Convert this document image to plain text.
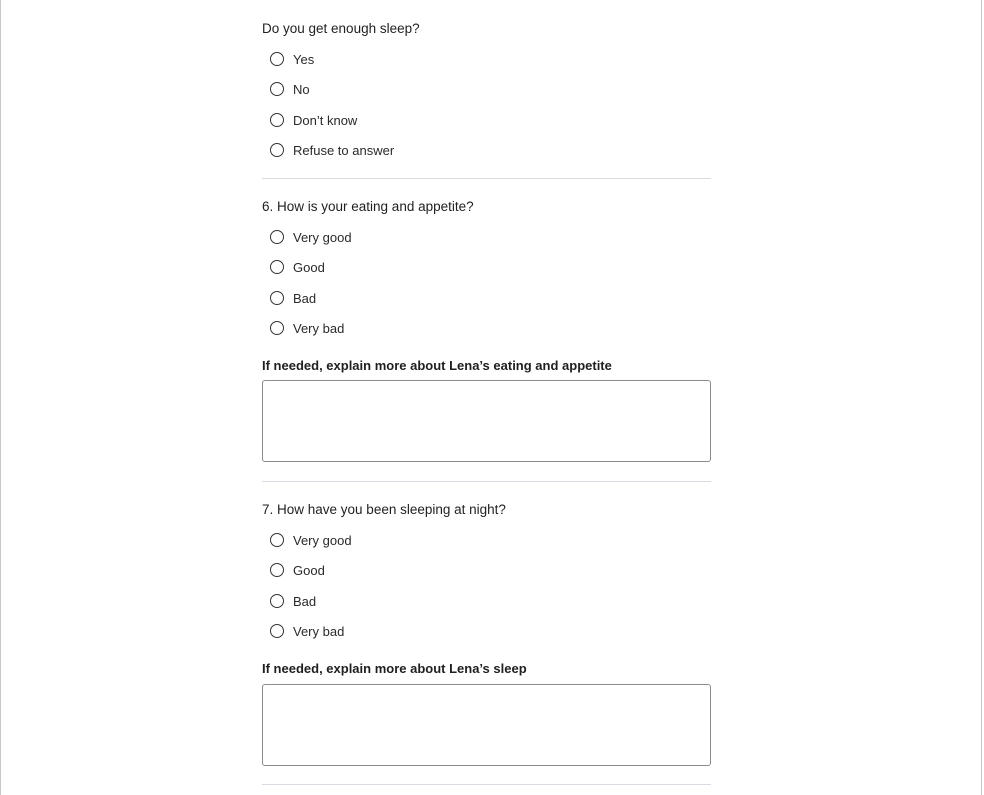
Do you get enough sleep?
Yes
No
Don’t know
Refuse to answer
6. How is your eating and appetite?
Very good
Good
Bad
Very bad
If needed, explain more about Lena’s eating and appetite
7. How have you been sleeping at night?
Very good
Good
Bad
Very bad
If needed, explain more about Lena’s sleep
